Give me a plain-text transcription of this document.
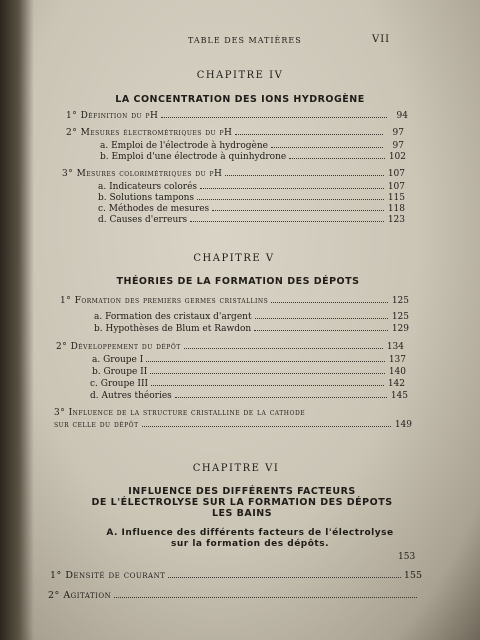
TABLE DES MATIÈRES	VII
CHAPITRE IV
LA CONCENTRATION DES IONS HYDROGÈNE
1° Définition du pH	94
2° Mesures électrométriques du pH	97
a. Emploi de l'électrode à hydrogène	97
b. Emploi d'une électrode à quinhydrone	102
3° Mesures colorimétriques du pH	107
a. Indicateurs colorés	107
b. Solutions tampons	115
c. Méthodes de mesures	118
d. Causes d'erreurs	123
CHAPITRE V
THÉORIES DE LA FORMATION DES DÉPOTS
1° Formation des premiers germes cristallins	125
a. Formation des cristaux d'argent	125
b. Hypothèses de Blum et Rawdon	129
2° Développement du dépôt	134
a. Groupe I	137
b. Groupe II	140
c. Groupe III	142
d. Autres théories	145
3° Influence de la structure cristalline de la cathode
sur celle du dépôt	149
CHAPITRE VI
INFLUENCE DES DIFFÉRENTS FACTEURS
DE L'ÉLECTROLYSE SUR LA FORMATION DES DÉPOTS
LES BAINS
A. Influence des différents facteurs de l'électrolyse
sur la formation des dépôts.
153
1° Densité de courant	155
2° Agitation
